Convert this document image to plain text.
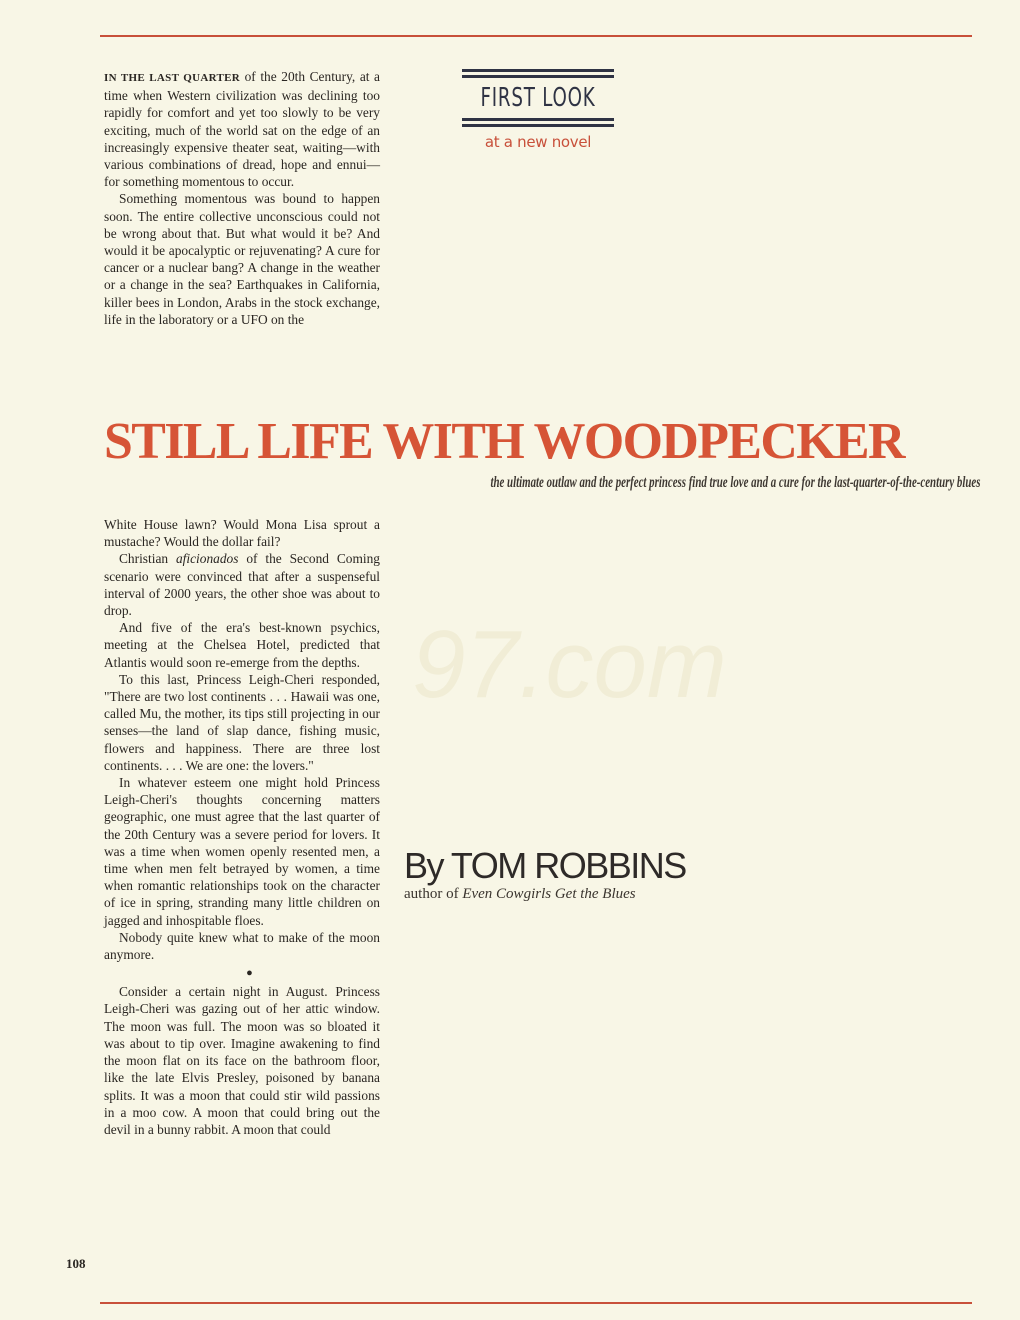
97.com

IN THE LAST QUARTER of the 20th Century, at a time when Western civilization was declining too rapidly for comfort and yet too slowly to be very exciting, much of the world sat on the edge of an increasingly expensive theater seat, waiting—with various combinations of dread, hope and ennui—for something momentous to occur.

Something momentous was bound to happen soon. The entire collective unconscious could not be wrong about that. But what would it be? And would it be apocalyptic or rejuvenating? A cure for cancer or a nuclear bang? A change in the weather or a change in the sea? Earthquakes in California, killer bees in London, Arabs in the stock exchange, life in the laboratory or a UFO on the

FIRST LOOK
at a new novel
STILL LIFE WITH WOODPECKER
the ultimate outlaw and the perfect princess find true love and a cure for the last-quarter-of-the-century blues

White House lawn? Would Mona Lisa sprout a mustache? Would the dollar fail?

Christian aficionados of the Second Coming scenario were convinced that after a suspenseful interval of 2000 years, the other shoe was about to drop.

And five of the era's best-known psychics, meeting at the Chelsea Hotel, predicted that Atlantis would soon re-emerge from the depths.

To this last, Princess Leigh-Cheri responded, "There are two lost continents . . . Hawaii was one, called Mu, the mother, its tips still projecting in our senses—the land of slap dance, fishing music, flowers and happiness. There are three lost continents. . . . We are one: the lovers."

In whatever esteem one might hold Princess Leigh-Cheri's thoughts concerning matters geographic, one must agree that the last quarter of the 20th Century was a severe period for lovers. It was a time when women openly resented men, a time when men felt betrayed by women, a time when romantic relationships took on the character of ice in spring, stranding many little children on jagged and inhospitable floes.

Nobody quite knew what to make of the moon anymore.

●

Consider a certain night in August. Princess Leigh-Cheri was gazing out of her attic window. The moon was full. The moon was so bloated it was about to tip over. Imagine awakening to find the moon flat on its face on the bathroom floor, like the late Elvis Presley, poisoned by banana splits. It was a moon that could stir wild passions in a moo cow. A moon that could bring out the devil in a bunny rabbit. A moon that could

By TOM ROBBINS
author of Even Cowgirls Get the Blues
108
